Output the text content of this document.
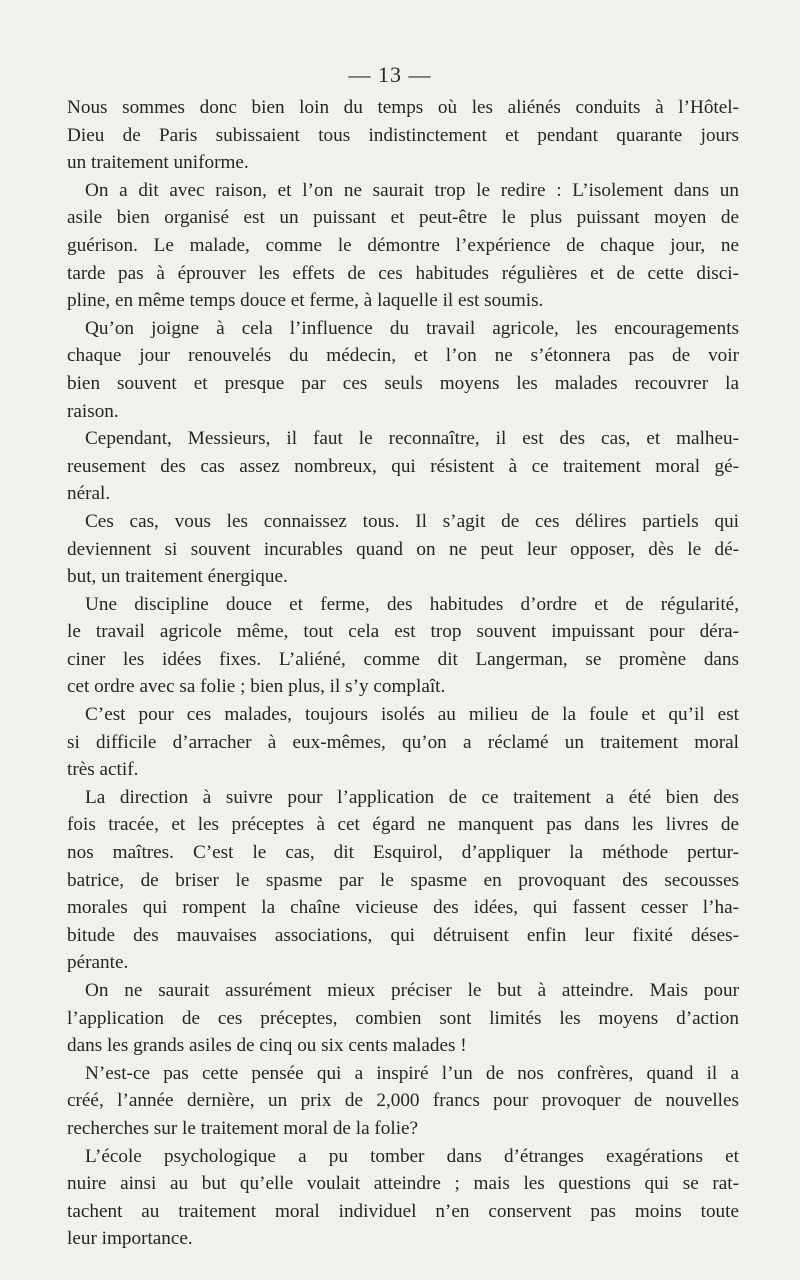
— 13 —
Nous sommes donc bien loin du temps où les aliénés conduits à l’Hôtel-
Dieu de Paris subissaient tous indistinctement et pendant quarante jours
un traitement uniforme.
On a dit avec raison, et l’on ne saurait trop le redire : L’isolement dans un
asile bien organisé est un puissant et peut-être le plus puissant moyen de
guérison. Le malade, comme le démontre l’expérience de chaque jour, ne
tarde pas à éprouver les effets de ces habitudes régulières et de cette disci-
pline, en même temps douce et ferme, à laquelle il est soumis.
Qu’on joigne à cela l’influence du travail agricole, les encouragements
chaque jour renouvelés du médecin, et l’on ne s’étonnera pas de voir
bien souvent et presque par ces seuls moyens les malades recouvrer la
raison.
Cependant, Messieurs, il faut le reconnaître, il est des cas, et malheu-
reusement des cas assez nombreux, qui résistent à ce traitement moral gé-
néral.
Ces cas, vous les connaissez tous. Il s’agit de ces délires partiels qui
deviennent si souvent incurables quand on ne peut leur opposer, dès le dé-
but, un traitement énergique.
Une discipline douce et ferme, des habitudes d’ordre et de régularité,
le travail agricole même, tout cela est trop souvent impuissant pour déra-
ciner les idées fixes. L’aliéné, comme dit Langerman, se promène dans
cet ordre avec sa folie ; bien plus, il s’y complaît.
C’est pour ces malades, toujours isolés au milieu de la foule et qu’il est
si difficile d’arracher à eux-mêmes, qu’on a réclamé un traitement moral
très actif.
La direction à suivre pour l’application de ce traitement a été bien des
fois tracée, et les préceptes à cet égard ne manquent pas dans les livres de
nos maîtres. C’est le cas, dit Esquirol, d’appliquer la méthode pertur-
batrice, de briser le spasme par le spasme en provoquant des secousses
morales qui rompent la chaîne vicieuse des idées, qui fassent cesser l’ha-
bitude des mauvaises associations, qui détruisent enfin leur fixité déses-
pérante.
On ne saurait assurément mieux préciser le but à atteindre. Mais pour
l’application de ces préceptes, combien sont limités les moyens d’action
dans les grands asiles de cinq ou six cents malades !
N’est-ce pas cette pensée qui a inspiré l’un de nos confrères, quand il a
créé, l’année dernière, un prix de 2,000 francs pour provoquer de nouvelles
recherches sur le traitement moral de la folie?
L’école psychologique a pu tomber dans d’étranges exagérations et
nuire ainsi au but qu’elle voulait atteindre ; mais les questions qui se rat-
tachent au traitement moral individuel n’en conservent pas moins toute
leur importance.
